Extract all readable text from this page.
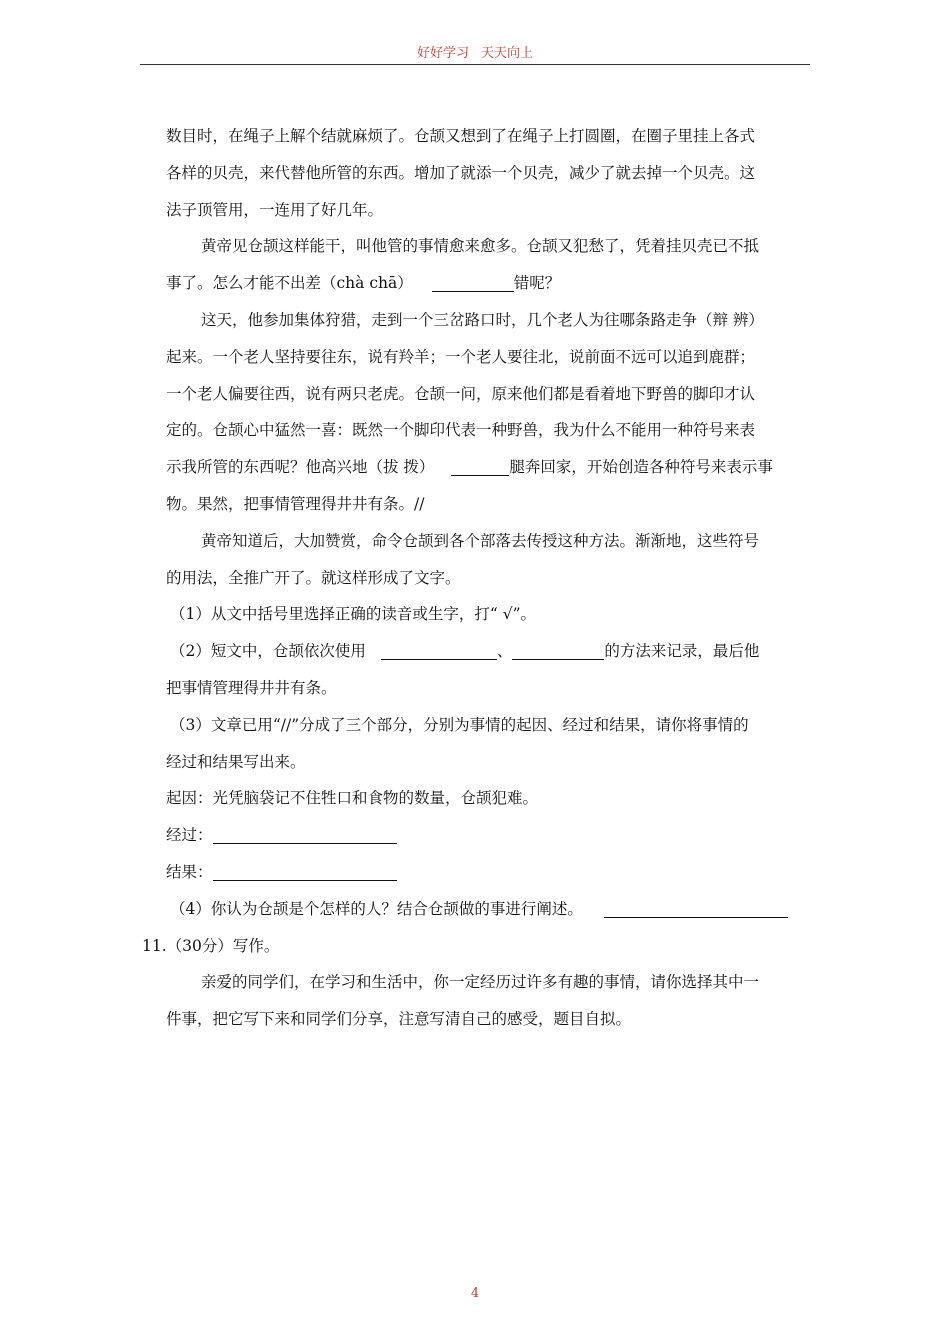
好好学习 天天向上
数目时，在绳子上解个结就麻烦了。仓颉又想到了在绳子上打圆圈，在圈子里挂上各式
各样的贝壳，来代替他所管的东西。增加了就添一个贝壳，减少了就去掉一个贝壳。这
法子顶管用，一连用了好几年。
黄帝见仓颉这样能干，叫他管的事情愈来愈多。仓颉又犯愁了，凭着挂贝壳已不抵
事了。怎么才能不出差（chà chā）	错呢？
这天，他参加集体狩猎，走到一个三岔路口时，几个老人为往哪条路走争（辩 辨）
起来。一个老人坚持要往东，说有羚羊；一个老人要往北，说前面不远可以追到鹿群；
一个老人偏要往西，说有两只老虎。仓颉一问，原来他们都是看着地下野兽的脚印才认
定的。仓颉心中猛然一喜：既然一个脚印代表一种野兽，我为什么不能用一种符号来表
示我所管的东西呢？他高兴地（拔 拨）	腿奔回家，开始创造各种符号来表示事
物。果然，把事情管理得井井有条。//
黄帝知道后，大加赞赏，命令仓颉到各个部落去传授这种方法。渐渐地，这些符号
的用法，全推广开了。就这样形成了文字。
（1）从文中括号里选择正确的读音或生字，打“ √”。
（2）短文中，仓颉依次使用	、	的方法来记录，最后他
把事情管理得井井有条。
（3）文章已用“//”分成了三个部分，分别为事情的起因、经过和结果，请你将事情的
经过和结果写出来。
起因：光凭脑袋记不住牲口和食物的数量，仓颉犯难。
经过：
结果：
（4）你认为仓颉是个怎样的人？结合仓颉做的事进行阐述。
11.（30分）写作。
亲爱的同学们，在学习和生活中，你一定经历过许多有趣的事情，请你选择其中一
件事，把它写下来和同学们分享，注意写清自己的感受，题目自拟。
4
